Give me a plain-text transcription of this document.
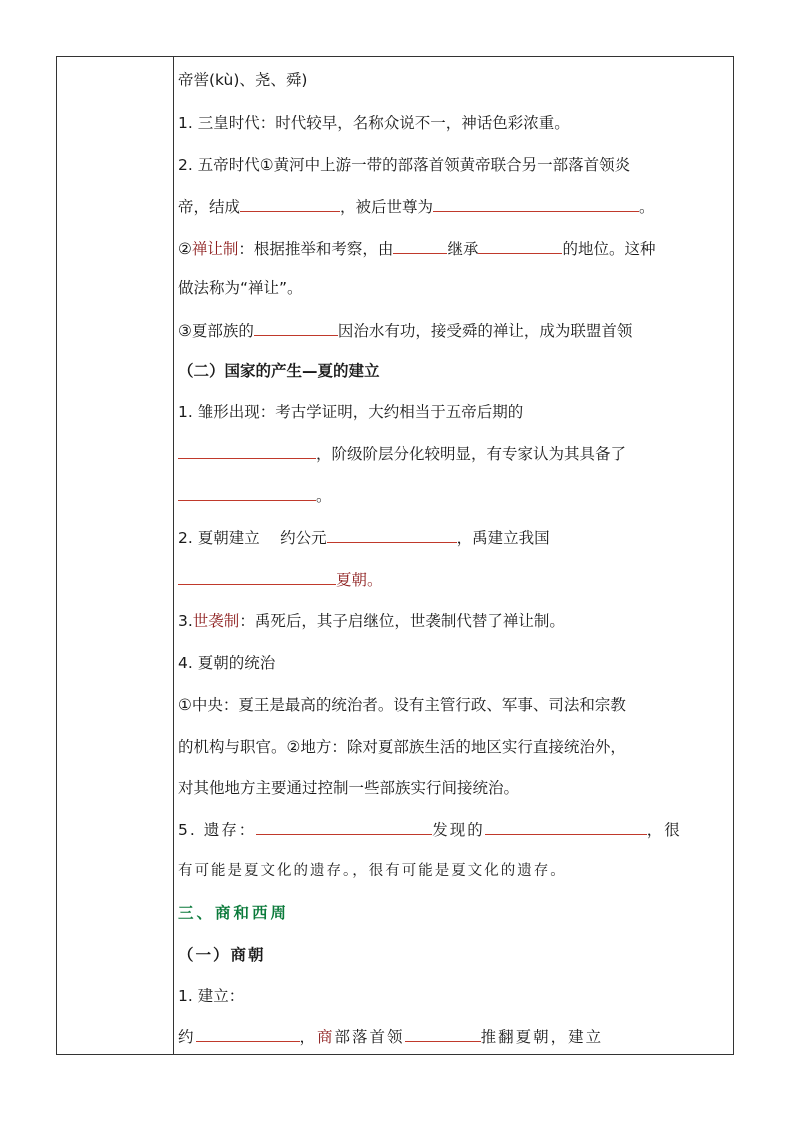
帝喾(kù)、尧、舜)
1. 三皇时代：时代较早，名称众说不一，神话色彩浓重。
2. 五帝时代①黄河中上游一带的部落首领黄帝联合另一部落首领炎
帝，结成	，被后世尊为	。
②禅让制：根据推举和考察，由	继承	的地位。这种
做法称为“禅让”。
③夏部族的	因治水有功，接受舜的禅让，成为联盟首领
（二）国家的产生—夏的建立
1. 雏形出现：考古学证明，大约相当于五帝后期的
，阶级阶层分化较明显，有专家认为其具备了
。
2. 夏朝建立　 约公元	，禹建立我国
夏朝。
3.世袭制：禹死后，其子启继位，世袭制代替了禅让制。
4. 夏朝的统治
①中央：夏王是最高的统治者。设有主管行政、军事、司法和宗教
的机构与职官。②地方：除对夏部族生活的地区实行直接统治外，
对其他地方主要通过控制一些部族实行间接统治。
5. 遗存：	发现的	，很
有可能是夏文化的遗存。，很有可能是夏文化的遗存。
三、商和西周
（一）商朝
1. 建立：
约	，商部落首领	推翻夏朝，建立
